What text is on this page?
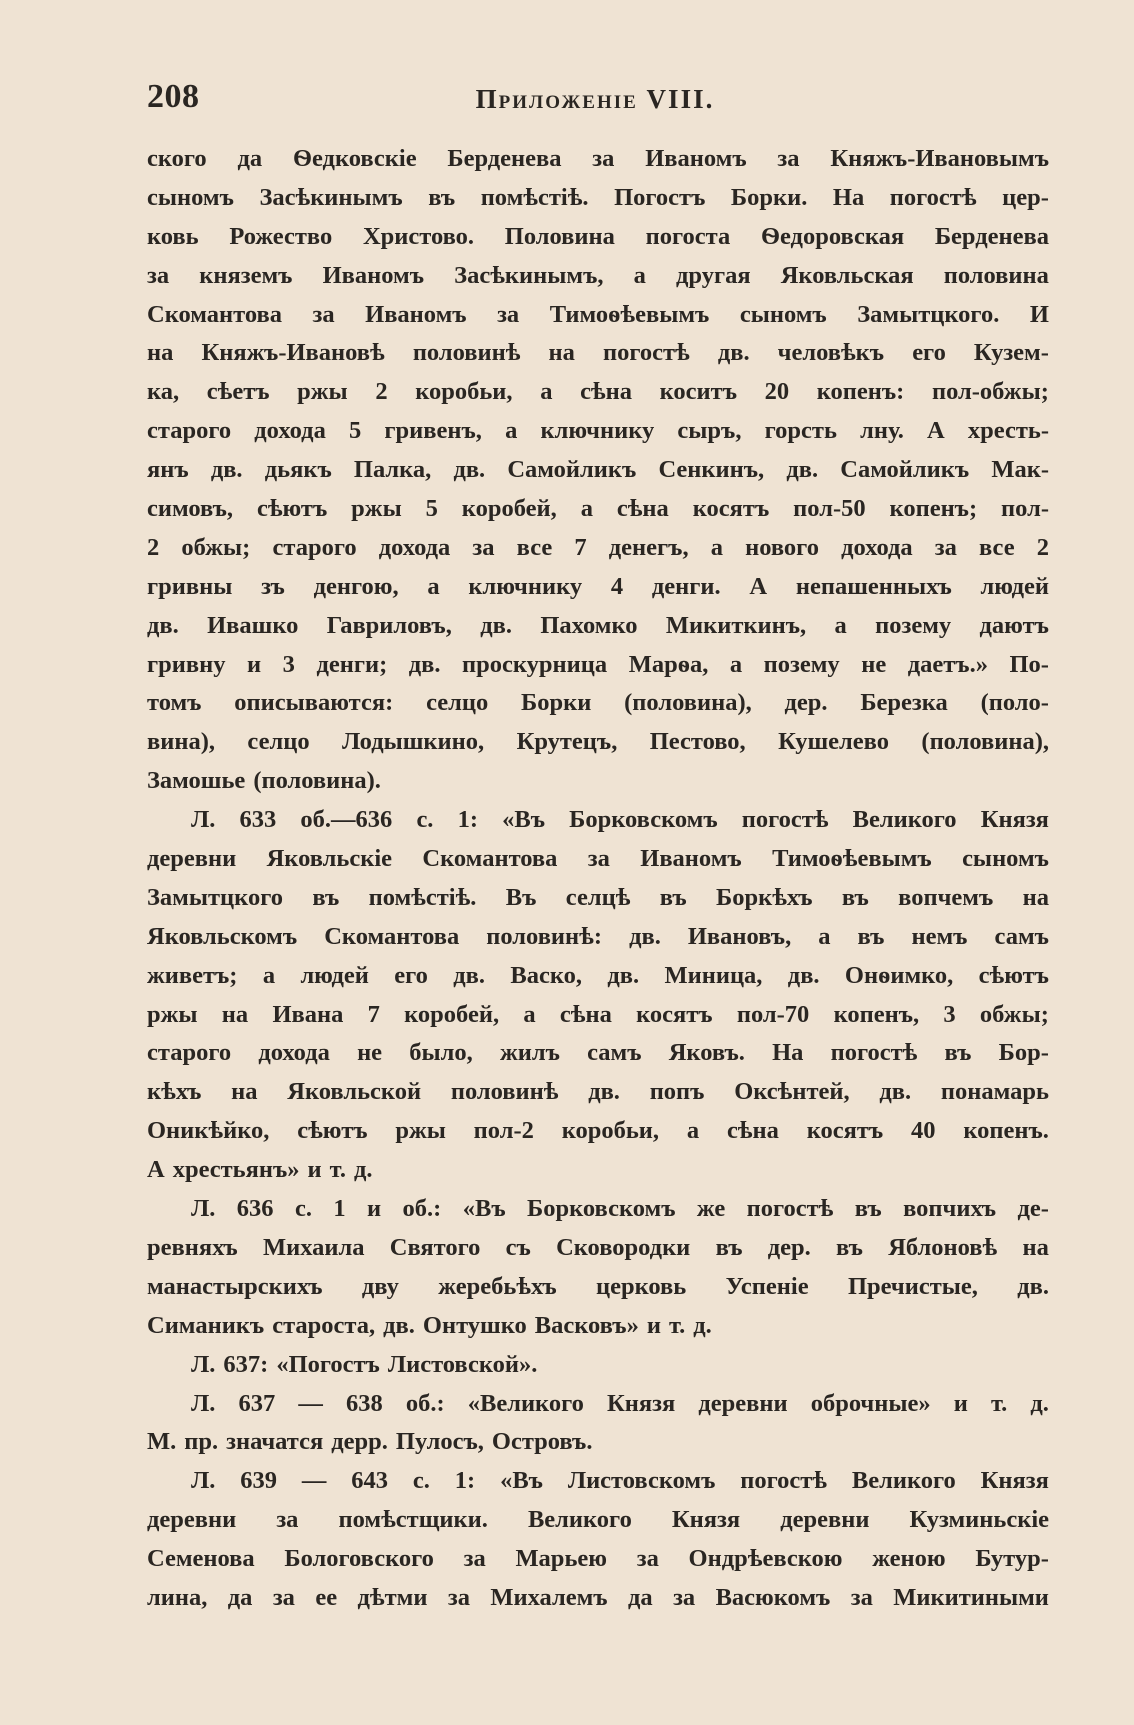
208	Приложеніе VIII.
ского да Ѳедковскіе Берденева за Иваномъ за Княжъ-Ивановымъ
сыномъ Засѣкинымъ въ помѣстіѣ. Погостъ Борки. На погостѣ цер-
ковь Рожество Христово. Половина погоста Ѳедоровская Берденева
за княземъ Иваномъ Засѣкинымъ, а другая Яковльская половина
Скомантова за Иваномъ за Тимоѳѣевымъ сыномъ Замытцкого. И
на Княжъ-Ивановѣ половинѣ на погостѣ дв. человѣкъ его Кузем-
ка, сѣетъ ржы 2 коробьи, а сѣна коситъ 20 копенъ: пол-обжы;
старого дохода 5 гривенъ, а ключнику сыръ, горсть лну. А хресть-
янъ дв. дьякъ Палка, дв. Самойликъ Сенкинъ, дв. Самойликъ Мак-
симовъ, сѣютъ ржы 5 коробей, а сѣна косятъ пол-50 копенъ; пол-
2 обжы; старого дохода за все 7 денегъ, а нового дохода за все 2
гривны зъ денгою, а ключнику 4 денги. А непашенныхъ людей
дв. Ивашко Гавриловъ, дв. Пахомко Микиткинъ, а позему даютъ
гривну и 3 денги; дв. проскурница Марѳа, а позему не даетъ.» По-
томъ описываются: селцо Борки (половина), дер. Березка (поло-
вина), селцо Лодышкино, Крутецъ, Пестово, Кушелево (половина),
Замошье (половина).
Л. 633 об.—636 с. 1: «Въ Борковскомъ погостѣ Великого Князя
деревни Яковльскіе Скомантова за Иваномъ Тимоѳѣевымъ сыномъ
Замытцкого въ помѣстіѣ. Въ селцѣ въ Боркѣхъ въ вопчемъ на
Яковльскомъ Скомантова половинѣ: дв. Ивановъ, а въ немъ самъ
живетъ; а людей его дв. Васко, дв. Миница, дв. Онѳимко, сѣютъ
ржы на Ивана 7 коробей, а сѣна косятъ пол-70 копенъ, 3 обжы;
старого дохода не было, жилъ самъ Яковъ. На погостѣ въ Бор-
кѣхъ на Яковльской половинѣ дв. попъ Оксѣнтей, дв. понамарь
Оникѣйко, сѣютъ ржы пол-2 коробьи, а сѣна косятъ 40 копенъ.
А хрестьянъ» и т. д.
Л. 636 с. 1 и об.: «Въ Борковскомъ же погостѣ въ вопчихъ де-
ревняхъ Михаила Святого съ Сковородки въ дер. въ Яблоновѣ на
манастырскихъ дву жеребьѣхъ церковь Успеніе Пречистые, дв.
Симаникъ староста, дв. Онтушко Васковъ» и т. д.
Л. 637: «Погостъ Листовской».
Л. 637 — 638 об.: «Великого Князя деревни оброчные» и т. д.
М. пр. значатся дерр. Пулосъ, Островъ.
Л. 639 — 643 с. 1: «Въ Листовскомъ погостѣ Великого Князя
деревни за помѣстщики. Великого Князя деревни Кузминьскіе
Семенова Бологовского за Марьею за Ондрѣевскою женою Бутур-
лина, да за ее дѣтми за Михалемъ да за Васюкомъ за Микитиными
